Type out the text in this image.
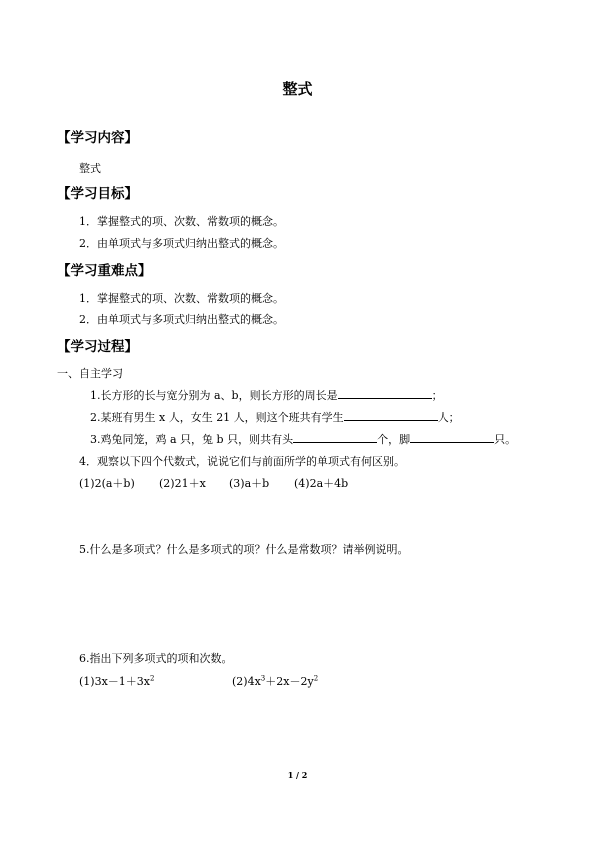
整式
【学习内容】
整式
【学习目标】
1．掌握整式的项、次数、常数项的概念。
2．由单项式与多项式归纳出整式的概念。
【学习重难点】
1．掌握整式的项、次数、常数项的概念。
2．由单项式与多项式归纳出整式的概念。
【学习过程】
一、自主学习
1.长方形的长与宽分别为 a、b，则长方形的周长是	；
2.某班有男生 x 人，女生 21 人，则这个班共有学生	人；
3.鸡兔同笼，鸡 a 只，兔 b 只，则共有头	个，脚	只。
4．观察以下四个代数式，说说它们与前面所学的单项式有何区别。
(1)2(a＋b) (2)21＋x (3)a＋b (4)2a＋4b
5.什么是多项式？什么是多项式的项？什么是常数项？请举例说明。
6.指出下列多项式的项和次数。
$(1)3x-1+3x^2$	$(2)4x^3+2x-2y^2$
1 / 2
